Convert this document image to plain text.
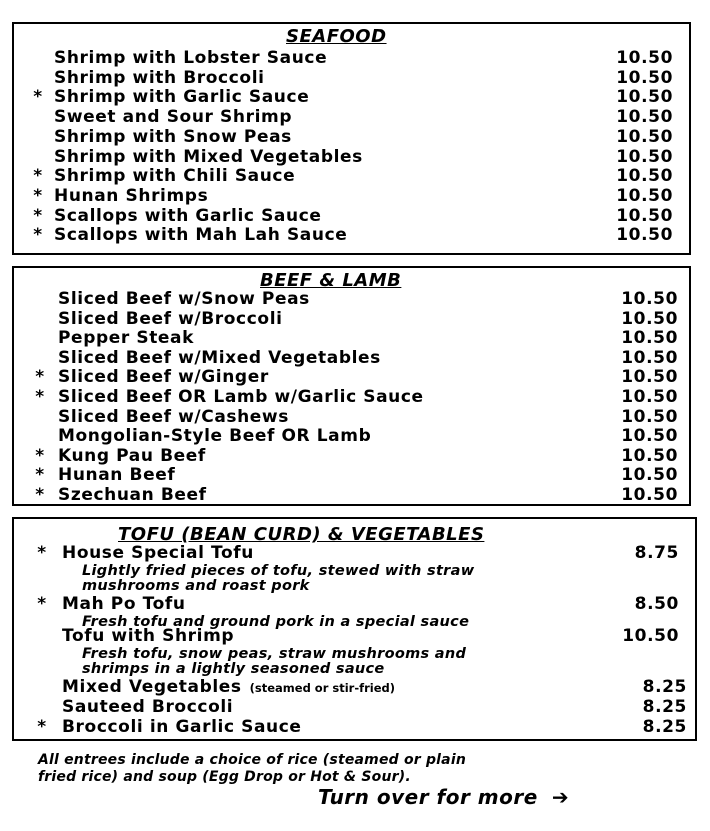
SEAFOOD
Shrimp with Lobster Sauce	10.50
Shrimp with Broccoli	10.50
* Shrimp with Garlic Sauce	10.50
Sweet and Sour Shrimp	10.50
Shrimp with Snow Peas	10.50
Shrimp with Mixed Vegetables	10.50
* Shrimp with Chili Sauce	10.50
* Hunan Shrimps	10.50
* Scallops with Garlic Sauce	10.50
* Scallops with Mah Lah Sauce	10.50
BEEF & LAMB
Sliced Beef w/Snow Peas	10.50
Sliced Beef w/Broccoli	10.50
Pepper Steak	10.50
Sliced Beef w/Mixed Vegetables	10.50
* Sliced Beef w/Ginger	10.50
* Sliced Beef OR Lamb w/Garlic Sauce	10.50
Sliced Beef w/Cashews	10.50
Mongolian-Style Beef OR Lamb	10.50
* Kung Pau Beef	10.50
* Hunan Beef	10.50
* Szechuan Beef	10.50
TOFU (BEAN CURD) & VEGETABLES
* House Special Tofu	8.75
Lightly fried pieces of tofu, stewed with straw
mushrooms and roast pork
* Mah Po Tofu	8.50
Fresh tofu and ground pork in a special sauce
Tofu with Shrimp	10.50
Fresh tofu, snow peas, straw mushrooms and
shrimps in a lightly seasoned sauce
Mixed Vegetables (steamed or stir-fried)	8.25
Sauteed Broccoli	8.25
* Broccoli in Garlic Sauce	8.25
All entrees include a choice of rice (steamed or plain
fried rice) and soup (Egg Drop or Hot & Sour).
Turn over for more ➔
